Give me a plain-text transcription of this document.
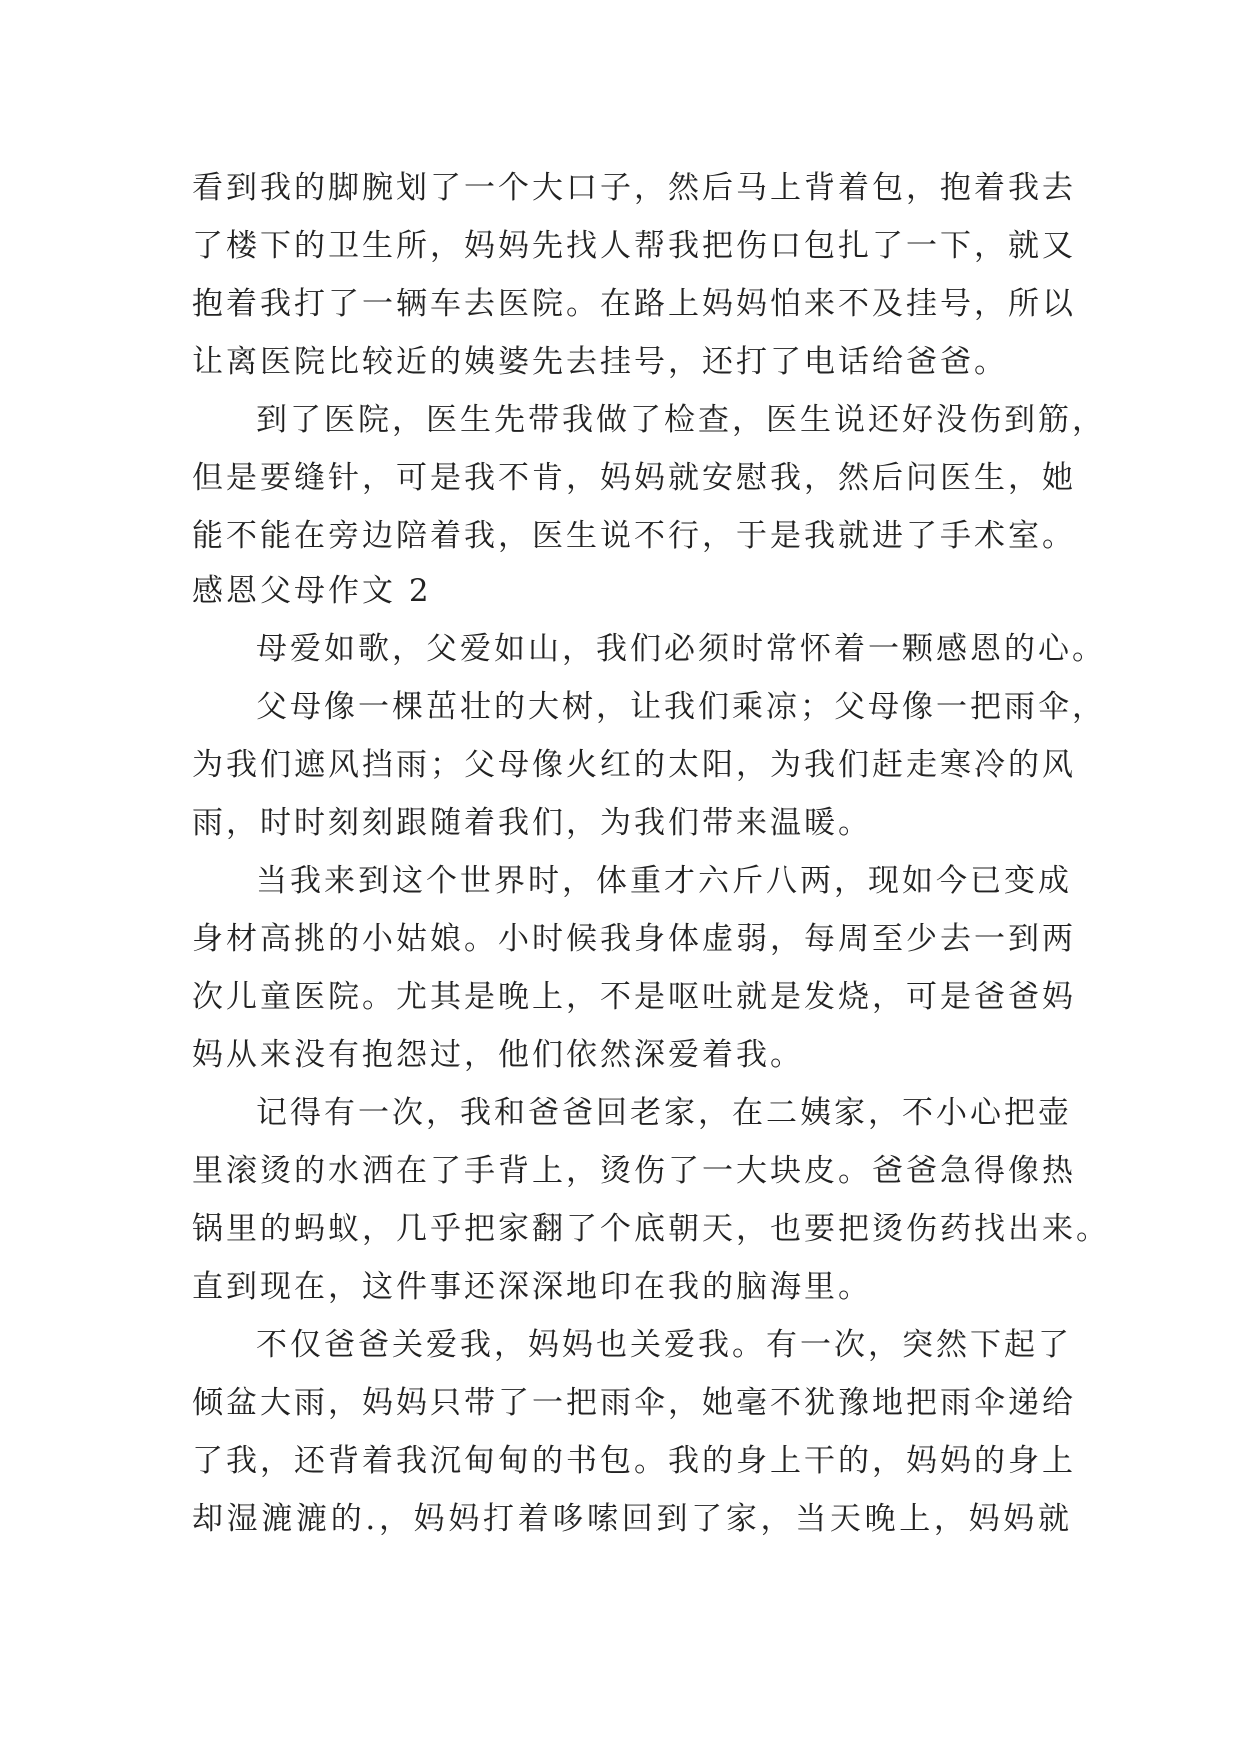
看到我的脚腕划了一个大口子，然后马上背着包，抱着我去
了楼下的卫生所，妈妈先找人帮我把伤口包扎了一下，就又
抱着我打了一辆车去医院。在路上妈妈怕来不及挂号，所以
让离医院比较近的姨婆先去挂号，还打了电话给爸爸。
到了医院，医生先带我做了检查，医生说还好没伤到筋，
但是要缝针，可是我不肯，妈妈就安慰我，然后问医生，她
能不能在旁边陪着我，医生说不行，于是我就进了手术室。
感恩父母作文 2
母爱如歌，父爱如山，我们必须时常怀着一颗感恩的心。
父母像一棵茁壮的大树，让我们乘凉；父母像一把雨伞，
为我们遮风挡雨；父母像火红的太阳，为我们赶走寒冷的风
雨，时时刻刻跟随着我们，为我们带来温暖。
当我来到这个世界时，体重才六斤八两，现如今已变成
身材高挑的小姑娘。小时候我身体虚弱，每周至少去一到两
次儿童医院。尤其是晚上，不是呕吐就是发烧，可是爸爸妈
妈从来没有抱怨过，他们依然深爱着我。
记得有一次，我和爸爸回老家，在二姨家，不小心把壶
里滚烫的水洒在了手背上，烫伤了一大块皮。爸爸急得像热
锅里的蚂蚁，几乎把家翻了个底朝天，也要把烫伤药找出来。
直到现在，这件事还深深地印在我的脑海里。
不仅爸爸关爱我，妈妈也关爱我。有一次，突然下起了
倾盆大雨，妈妈只带了一把雨伞，她毫不犹豫地把雨伞递给
了我，还背着我沉甸甸的书包。我的身上干的，妈妈的身上
却湿漉漉的.，妈妈打着哆嗦回到了家，当天晚上，妈妈就
